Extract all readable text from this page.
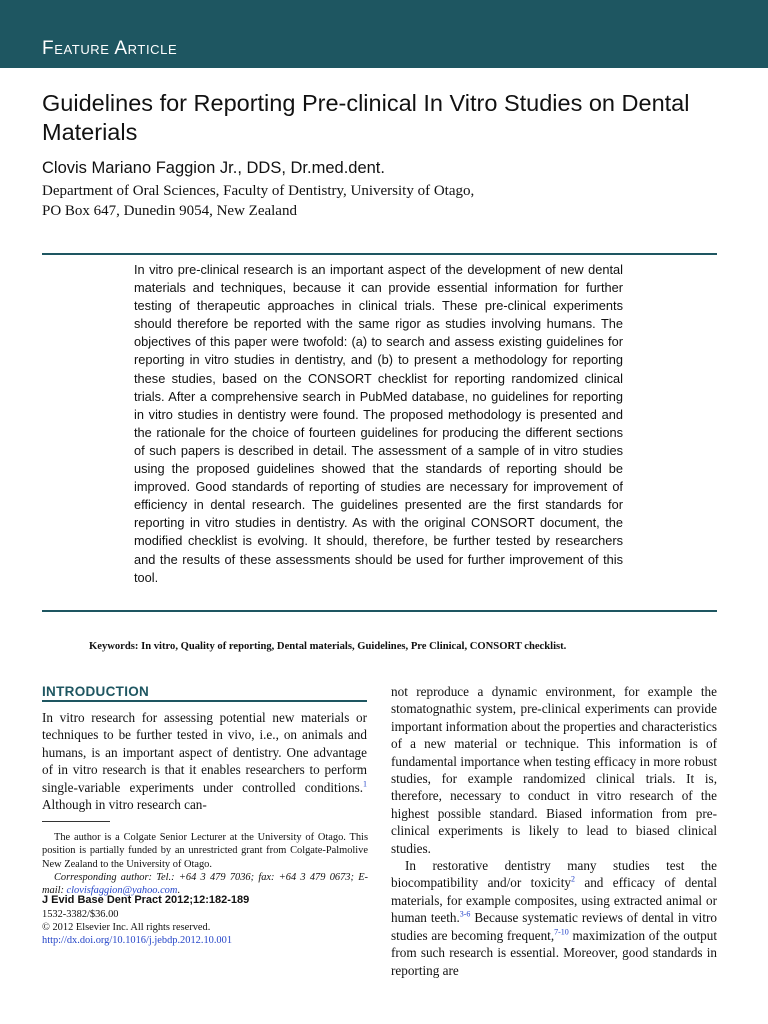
Feature Article
Guidelines for Reporting Pre-clinical In Vitro Studies on Dental Materials
Clovis Mariano Faggion Jr., DDS, Dr.med.dent.
Department of Oral Sciences, Faculty of Dentistry, University of Otago,
PO Box 647, Dunedin 9054, New Zealand

In vitro pre-clinical research is an important aspect of the development of new dental materials and techniques, because it can provide essential information for further testing of therapeutic approaches in clinical trials. These pre-clinical experiments should therefore be reported with the same rigor as studies involving humans. The objectives of this paper were twofold: (a) to search and assess existing guidelines for reporting in vitro studies in dentistry, and (b) to present a methodology for reporting these studies, based on the CONSORT checklist for reporting randomized clinical trials. After a comprehensive search in PubMed database, no guidelines for reporting in vitro studies in dentistry were found. The proposed methodology is presented and the rationale for the choice of fourteen guidelines for producing the different sections of such papers is described in detail. The assessment of a sample of in vitro studies using the proposed guidelines showed that the standards of reporting should be improved. Good standards of reporting of studies are necessary for improvement of efficiency in dental research. The guidelines presented are the first standards for reporting in vitro studies in dentistry. As with the original CONSORT document, the modified checklist is evolving. It should, therefore, be further tested by researchers and the results of these assessments should be used for further improvement of this tool.

Keywords: In vitro, Quality of reporting, Dental materials, Guidelines, Pre Clinical, CONSORT checklist.
INTRODUCTION

In vitro research for assessing potential new materials or techniques to be further tested in vivo, i.e., on animals and humans, is an important aspect of dentistry. One advantage of in vitro research is that it enables researchers to perform single-variable experiments under controlled conditions.$^1$ Although in vitro research can-

The author is a Colgate Senior Lecturer at the University of Otago. This position is partially funded by an unrestricted grant from Colgate-Palmolive New Zealand to the University of Otago.

Corresponding author: Tel.: +64 3 479 7036; fax: +64 3 479 0673; E-mail: clovisfaggion@yahoo.com.

J Evid Base Dent Pract 2012;12:182-189
1532-3382/$36.00
© 2012 Elsevier Inc. All rights reserved.
http://dx.doi.org/10.1016/j.jebdp.2012.10.001

not reproduce a dynamic environment, for example the stomatognathic system, pre-clinical experiments can provide important information about the properties and characteristics of a new material or technique. This information is of fundamental importance when testing efficacy in more robust studies, for example randomized clinical trials. It is, therefore, necessary to conduct in vitro research of the highest possible standard. Biased information from pre-clinical experiments is likely to lead to biased clinical studies.

In restorative dentistry many studies test the biocompatibility and/or toxicity$^2$ and efficacy of dental materials, for example composites, using extracted animal or human teeth.$^{3-6}$ Because systematic reviews of dental in vitro studies are becoming frequent,$^{7-10}$ maximization of the output from such research is essential. Moreover, good standards in reporting are
